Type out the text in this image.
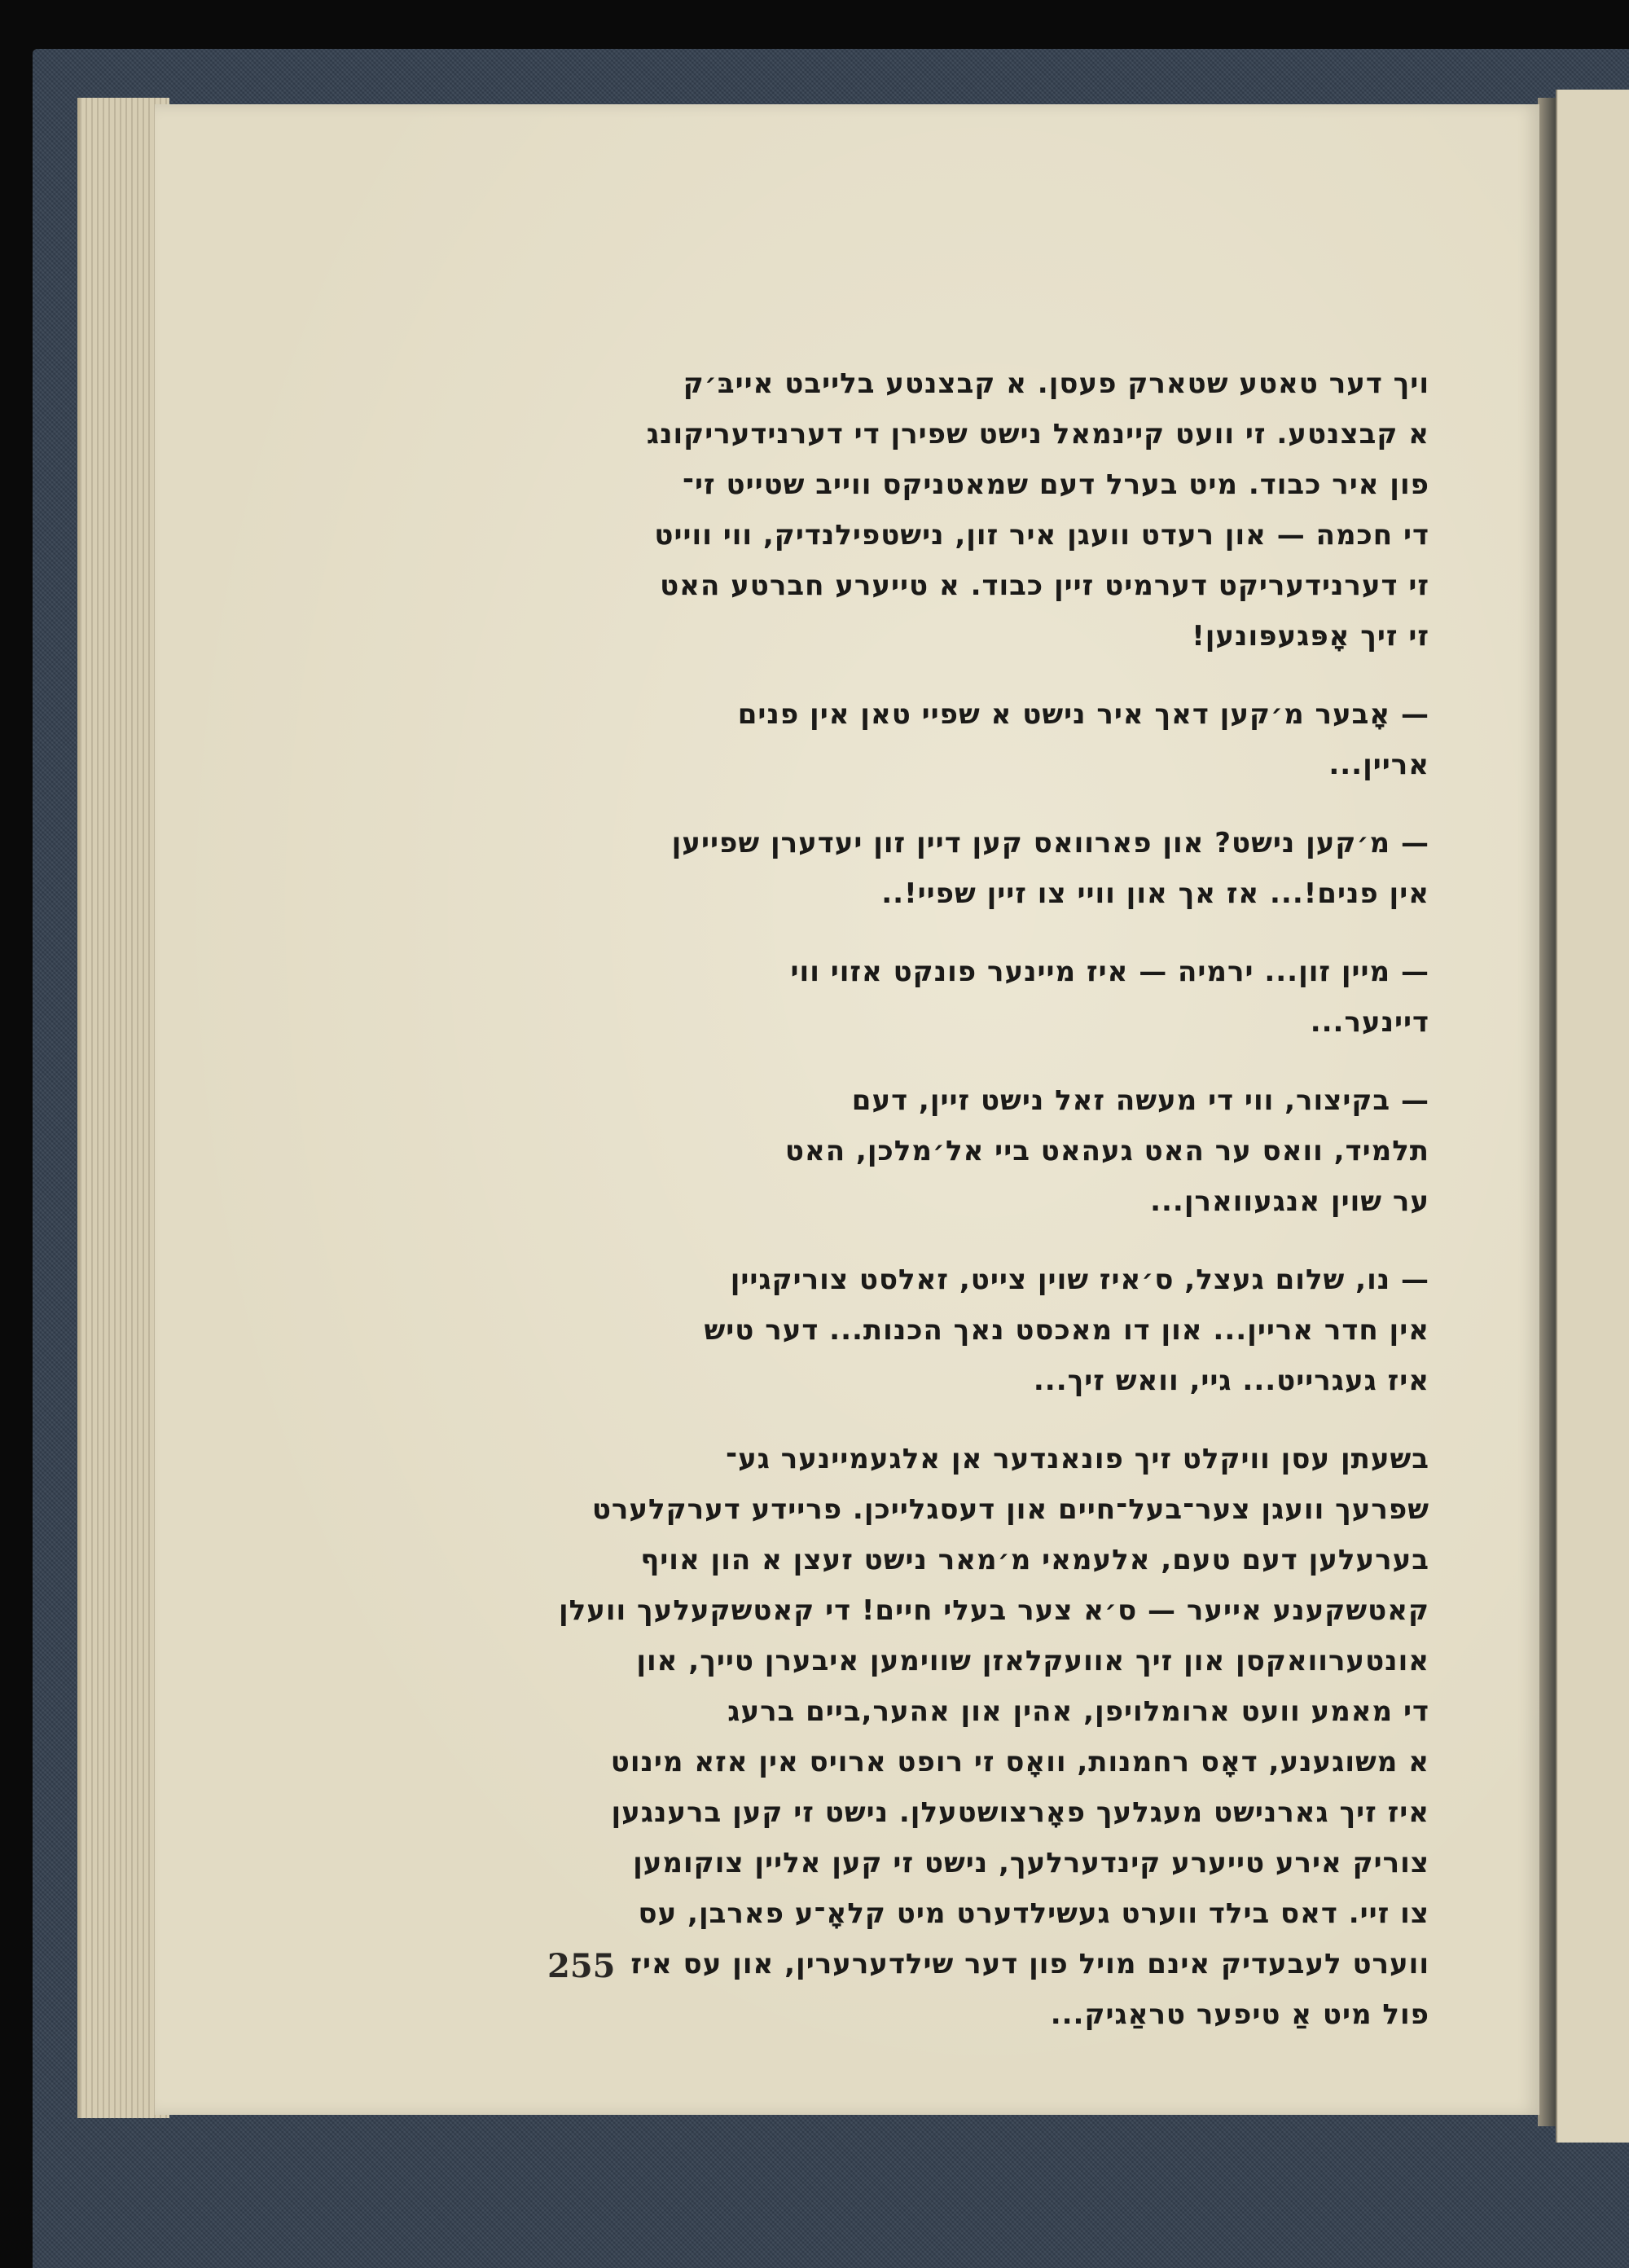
ויך דער טאטע שטארק פעסן. א קבצנטע בלייבט אייבּ׳ק
א קבצנטע. זי וועט קיינמאל נישט שפירן די דערנידעריקונג
פון איר כבוד. מיט בערל דעם שמאטניקס ווייב שטייט זי־
די חכמה — און רעדט וועגן איר זון, נישטפילנדיק, ווי ווייט
זי דערנידעריקט דערמיט זיין כבוד. א טייערע חברטע האט
זי זיך אָפּגעפּונען!

— אָבער מ׳קען דאך איר נישט א שפיי טאן אין פנים
אריין...

— מ׳קען נישט? און פארוואס קען דיין זון יעדערן שפייען
אין פנים!... אז אך און וויי צו זיין שפיי!..

— מיין זון... ירמיה — איז מיינער פונקט אזוי ווי
דיינער...

— בקיצור, ווי די מעשה זאל נישט זיין, דעם
תלמיד, וואס ער האט געהאט ביי אל׳מלכן, האט
ער שוין אנגעווארן...

— נו, שלום געצל, ס׳איז שוין צייט, זאלסט צוריקגיין
אין חדר אריין... און דו מאכסט נאך הכנות... דער טיש
איז געגרייט... גיי, וואש זיך...

בשעתן עסן וויקלט זיך פונאנדער אן אלגעמיינער גע־
שפרעך וועגן צער־בעל־חיים און דעסגלייכן. פריידע דערקלערט
בערעלען דעם טעם, אלעמאי מ׳מאר נישט זעצן א הון אויף
קאטשקענע אייער — ס׳א צער בעלי חיים! די קאטשקעלעך וועלן
אונטערוואקסן און זיך אוועקלאזן שווימען איבערן טייך, און
די מאמע וועט ארומלויפן, אהין און אהער,ביים ברעג
א משוגענע, דאָס רחמנות, וואָס זי רופט ארויס אין אזא מינוט
איז זיך גארנישט מעגלעך פאָרצושטעלן. נישט זי קען ברענגען
צוריק אירע טייערע קינדערלעך, נישט זי קען אליין צוקומען
צו זיי. דאס בילד ווערט געשילדערט מיט קלאָ־ע פארבן, עס
ווערט לעבעדיק אינם מויל פון דער שילדערערין, און עס איז
פול מיט אַ טיפער טראַגיק...

255
